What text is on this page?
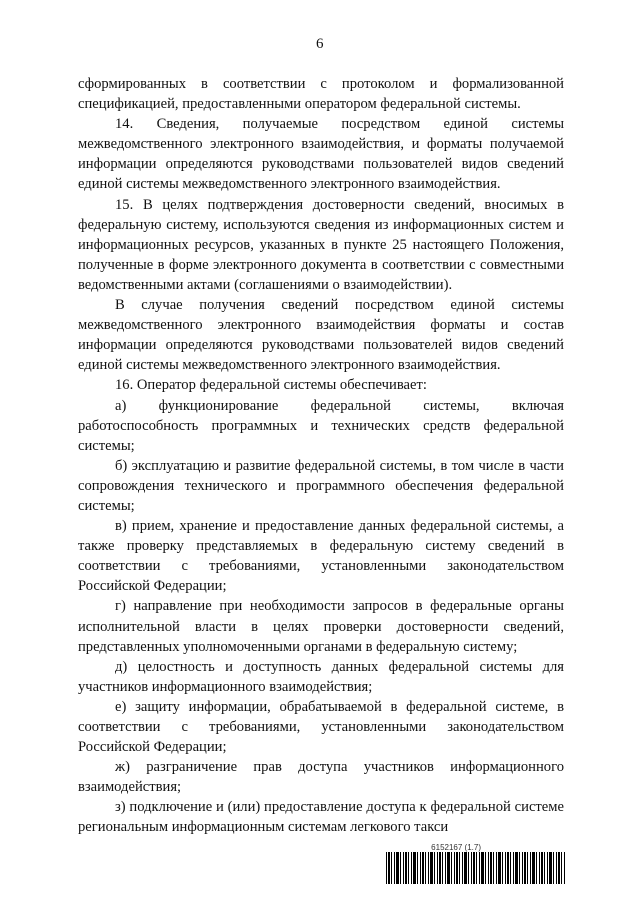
6

сформированных в соответствии с протоколом и формализованной спецификацией, предоставленными оператором федеральной системы.

14. Сведения, получаемые посредством единой системы межведомственного электронного взаимодействия, и форматы получаемой информации определяются руководствами пользователей видов сведений единой системы межведомственного электронного взаимодействия.

15. В целях подтверждения достоверности сведений, вносимых в федеральную систему, используются сведения из информационных систем и информационных ресурсов, указанных в пункте 25 настоящего Положения, полученные в форме электронного документа в соответствии с совместными ведомственными актами (соглашениями о взаимодействии).

В случае получения сведений посредством единой системы межведомственного электронного взаимодействия форматы и состав информации определяются руководствами пользователей видов сведений единой системы межведомственного электронного взаимодействия.

16. Оператор федеральной системы обеспечивает:

а) функционирование федеральной системы, включая работоспособность программных и технических средств федеральной системы;

б) эксплуатацию и развитие федеральной системы, в том числе в части сопровождения технического и программного обеспечения федеральной системы;

в) прием, хранение и предоставление данных федеральной системы, а также проверку представляемых в федеральную систему сведений в соответствии с требованиями, установленными законодательством Российской Федерации;

г) направление при необходимости запросов в федеральные органы исполнительной власти в целях проверки достоверности сведений, представленных уполномоченными органами в федеральную систему;

д) целостность и доступность данных федеральной системы для участников информационного взаимодействия;

е) защиту информации, обрабатываемой в федеральной системе, в соответствии с требованиями, установленными законодательством Российской Федерации;

ж) разграничение прав доступа участников информационного взаимодействия;

з) подключение и (или) предоставление доступа к федеральной системе региональным информационным системам легкового такси

6152167 (1.7)
